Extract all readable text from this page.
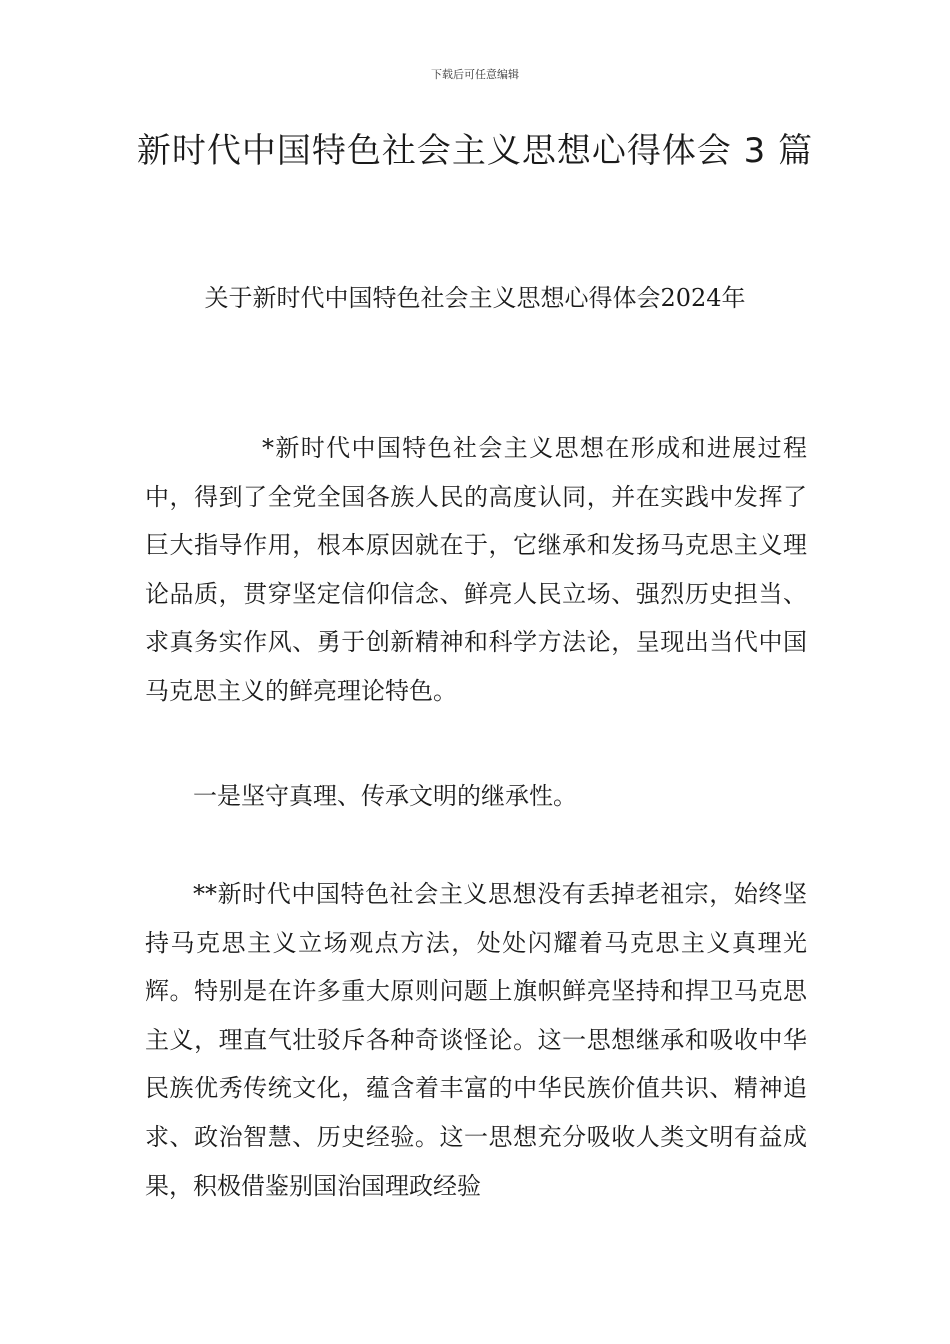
下载后可任意编辑
新时代中国特色社会主义思想心得体会 3 篇
关于新时代中国特色社会主义思想心得体会2024年

*新时代中国特色社会主义思想在形成和进展过程中，得到了全党全国各族人民的高度认同，并在实践中发挥了巨大指导作用，根本原因就在于，它继承和发扬马克思主义理论品质，贯穿坚定信仰信念、鲜亮人民立场、强烈历史担当、求真务实作风、勇于创新精神和科学方法论，呈现出当代中国马克思主义的鲜亮理论特色。

一是坚守真理、传承文明的继承性。

**新时代中国特色社会主义思想没有丢掉老祖宗，始终坚持马克思主义立场观点方法，处处闪耀着马克思主义真理光辉。特别是在许多重大原则问题上旗帜鲜亮坚持和捍卫马克思主义，理直气壮驳斥各种奇谈怪论。这一思想继承和吸收中华民族优秀传统文化，蕴含着丰富的中华民族价值共识、精神追求、政治智慧、历史经验。这一思想充分吸收人类文明有益成果，积极借鉴别国治国理政经验
